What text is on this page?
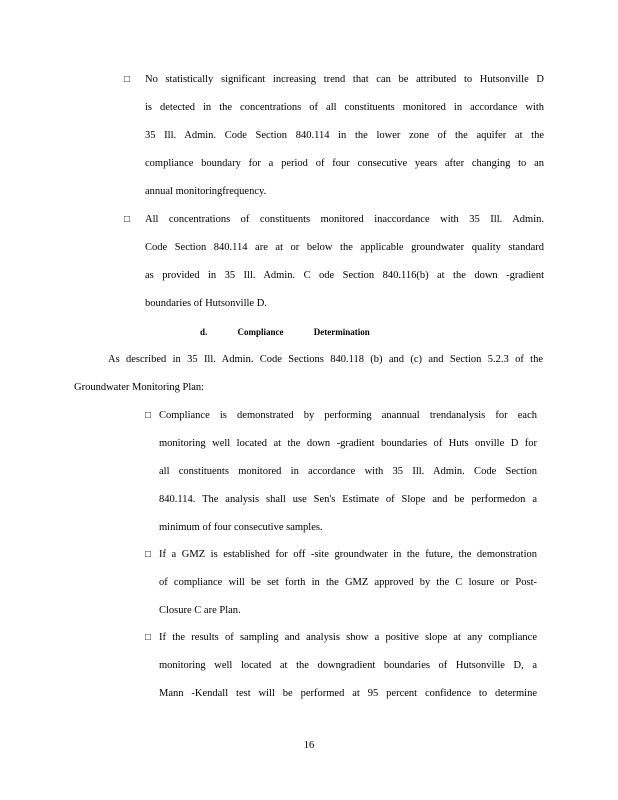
□ No statistically significant increasing trend that can be attributed to Hutsonville D
is detected in the concentrations of all constituents monitored in accordance with
35 Ill. Admin. Code Section 840.114 in the lower zone of the aquifer at the
compliance boundary for a period of four consecutive years after changing to an
annual monitoringfrequency.
□ All concentrations of constituents monitored inaccordance with 35 Ill. Admin.
Code Section 840.114 are at or below the applicable groundwater quality standard
as provided in 35 Ill. Admin. C ode Section 840.116(b) at the down -gradient
boundaries of Hutsonville D.
d.	Compliance	Determination
As described in 35 Ill. Admin. Code Sections 840.118 (b) and (c) and Section 5.2.3 of the
Groundwater Monitoring Plan:
□ Compliance is demonstrated by performing anannual trendanalysis for each
monitoring well located at the down -gradient boundaries of Huts onville D for
all constituents monitored in accordance with 35 Ill. Admin. Code Section
840.114. The analysis shall use Sen's Estimate of Slope and be performedon a
minimum of four consecutive samples.
□ If a GMZ is established for off -site groundwater in the future, the demonstration
of compliance will be set forth in the GMZ approved by the C losure or Post-
Closure C are Plan.
□ If the results of sampling and analysis show a positive slope at any compliance
monitoring well located at the downgradient boundaries of Hutsonville D, a
Mann -Kendall test will be performed at 95 percent confidence to determine
16
